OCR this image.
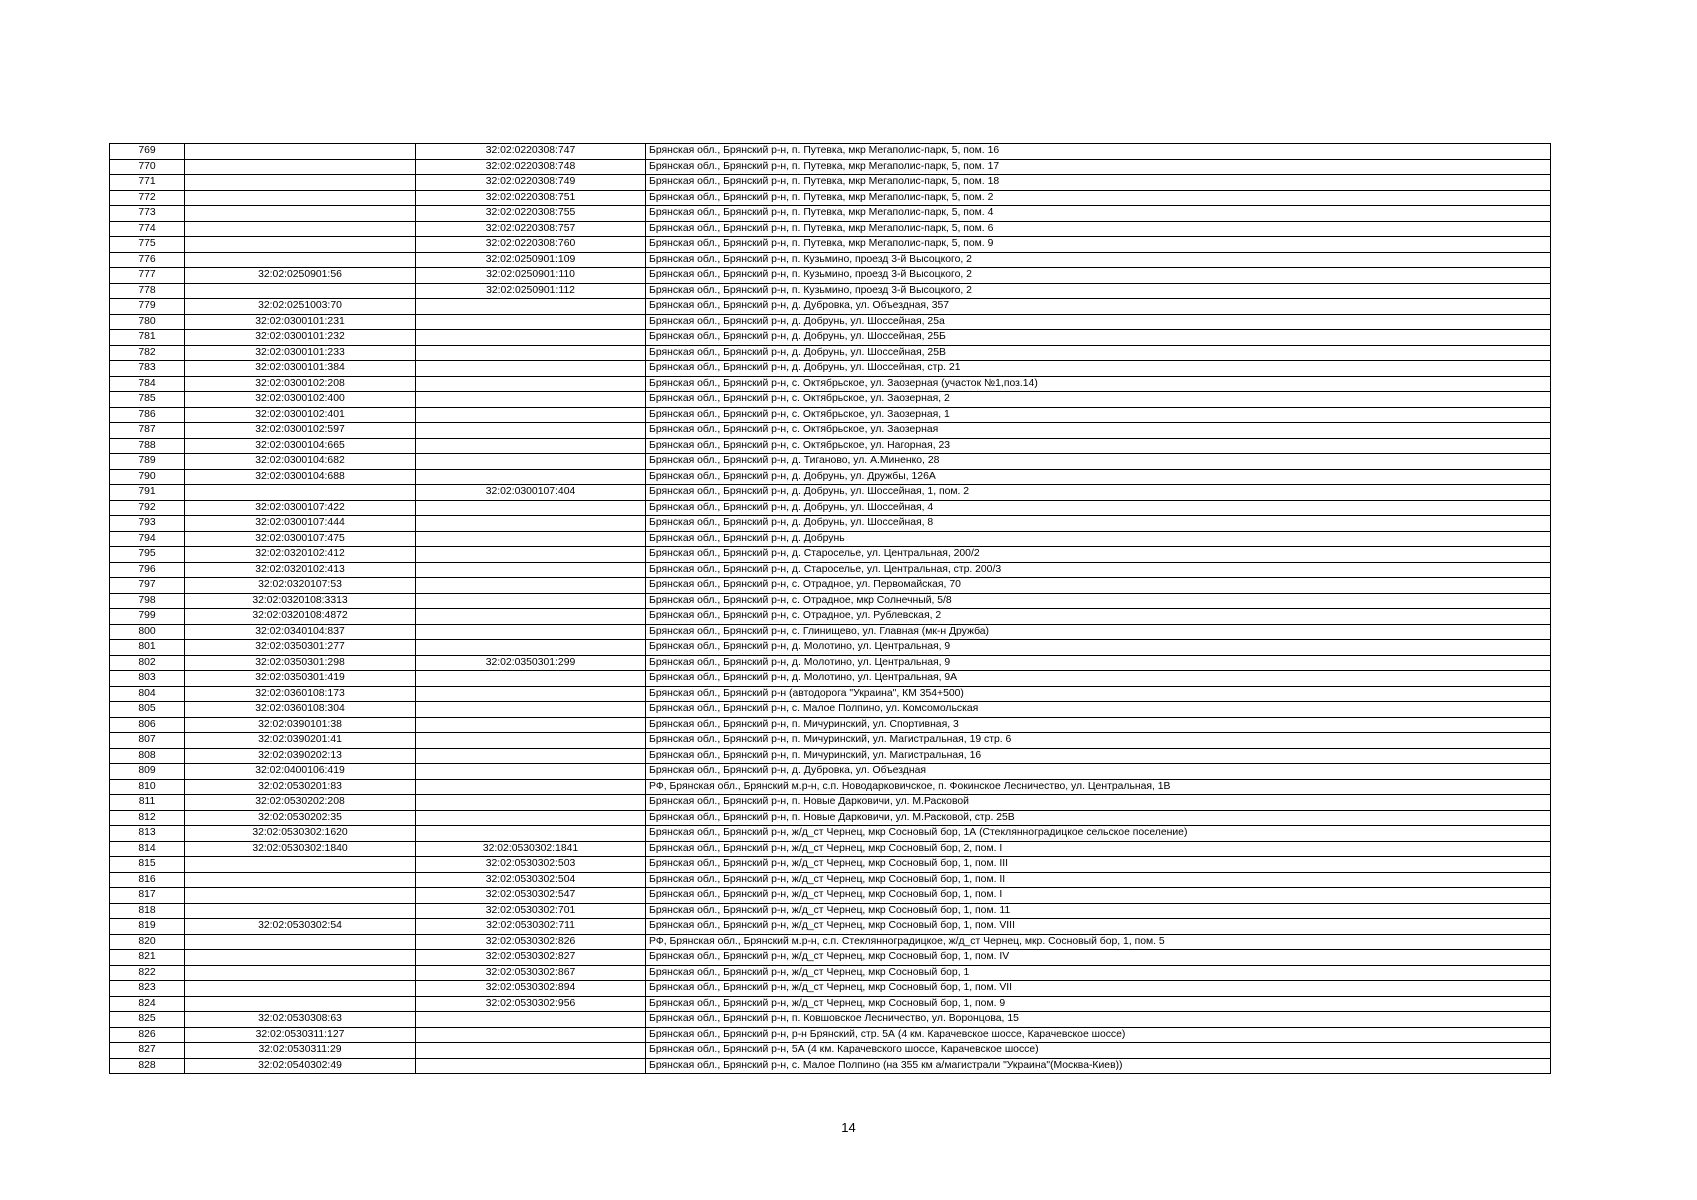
769		32:02:0220308:747	Брянская обл., Брянский р-н, п. Путевка, мкр Мегаполис-парк, 5, пом. 16
770		32:02:0220308:748	Брянская обл., Брянский р-н, п. Путевка, мкр Мегаполис-парк, 5, пом. 17
771		32:02:0220308:749	Брянская обл., Брянский р-н, п. Путевка, мкр Мегаполис-парк, 5, пом. 18
772		32:02:0220308:751	Брянская обл., Брянский р-н, п. Путевка, мкр Мегаполис-парк, 5, пом. 2
773		32:02:0220308:755	Брянская обл., Брянский р-н, п. Путевка, мкр Мегаполис-парк, 5, пом. 4
774		32:02:0220308:757	Брянская обл., Брянский р-н, п. Путевка, мкр Мегаполис-парк, 5, пом. 6
775		32:02:0220308:760	Брянская обл., Брянский р-н, п. Путевка, мкр Мегаполис-парк, 5, пом. 9
776		32:02:0250901:109	Брянская обл., Брянский р-н, п. Кузьмино, проезд 3-й Высоцкого, 2
777	32:02:0250901:56	32:02:0250901:110	Брянская обл., Брянский р-н, п. Кузьмино, проезд 3-й Высоцкого, 2
778		32:02:0250901:112	Брянская обл., Брянский р-н, п. Кузьмино, проезд 3-й Высоцкого, 2
779	32:02:0251003:70		Брянская обл., Брянский р-н, д. Дубровка, ул. Объездная, 357
780	32:02:0300101:231		Брянская обл., Брянский р-н, д. Добрунь, ул. Шоссейная, 25а
781	32:02:0300101:232		Брянская обл., Брянский р-н, д. Добрунь, ул. Шоссейная, 25Б
782	32:02:0300101:233		Брянская обл., Брянский р-н, д. Добрунь, ул. Шоссейная, 25В
783	32:02:0300101:384		Брянская обл., Брянский р-н, д. Добрунь, ул. Шоссейная, стр. 21
784	32:02:0300102:208		Брянская обл., Брянский р-н, с. Октябрьское, ул. Заозерная (участок №1,поз.14)
785	32:02:0300102:400		Брянская обл., Брянский р-н, с. Октябрьское, ул. Заозерная, 2
786	32:02:0300102:401		Брянская обл., Брянский р-н, с. Октябрьское, ул. Заозерная, 1
787	32:02:0300102:597		Брянская обл., Брянский р-н, с. Октябрьское, ул. Заозерная
788	32:02:0300104:665		Брянская обл., Брянский р-н, с. Октябрьское, ул. Нагорная, 23
789	32:02:0300104:682		Брянская обл., Брянский р-н, д. Тиганово, ул. А.Миненко, 28
790	32:02:0300104:688		Брянская обл., Брянский р-н, д. Добрунь, ул. Дружбы, 126А
791		32:02:0300107:404	Брянская обл., Брянский р-н, д. Добрунь, ул. Шоссейная, 1, пом. 2
792	32:02:0300107:422		Брянская обл., Брянский р-н, д. Добрунь, ул. Шоссейная, 4
793	32:02:0300107:444		Брянская обл., Брянский р-н, д. Добрунь, ул. Шоссейная, 8
794	32:02:0300107:475		Брянская обл., Брянский р-н, д. Добрунь
795	32:02:0320102:412		Брянская обл., Брянский р-н, д. Староселье, ул. Центральная, 200/2
796	32:02:0320102:413		Брянская обл., Брянский р-н, д. Староселье, ул. Центральная, стр. 200/3
797	32:02:0320107:53		Брянская обл., Брянский р-н, с. Отрадное, ул. Первомайская, 70
798	32:02:0320108:3313		Брянская обл., Брянский р-н, с. Отрадное, мкр Солнечный, 5/8
799	32:02:0320108:4872		Брянская обл., Брянский р-н, с. Отрадное, ул. Рублевская, 2
800	32:02:0340104:837		Брянская обл., Брянский р-н, с. Глинищево, ул. Главная (мк-н Дружба)
801	32:02:0350301:277		Брянская обл., Брянский р-н, д. Молотино, ул. Центральная, 9
802	32:02:0350301:298	32:02:0350301:299	Брянская обл., Брянский р-н, д. Молотино, ул. Центральная, 9
803	32:02:0350301:419		Брянская обл., Брянский р-н, д. Молотино, ул. Центральная, 9А
804	32:02:0360108:173		Брянская обл., Брянский р-н (автодорога "Украина", КМ 354+500)
805	32:02:0360108:304		Брянская обл., Брянский р-н, с. Малое Полпино, ул. Комсомольская
806	32:02:0390101:38		Брянская обл., Брянский р-н, п. Мичуринский, ул. Спортивная, 3
807	32:02:0390201:41		Брянская обл., Брянский р-н, п. Мичуринский, ул. Магистральная, 19 стр. 6
808	32:02:0390202:13		Брянская обл., Брянский р-н, п. Мичуринский, ул. Магистральная, 16
809	32:02:0400106:419		Брянская обл., Брянский р-н, д. Дубровка, ул. Объездная
810	32:02:0530201:83		РФ, Брянская обл., Брянский м.р-н, с.п. Новодарковичское, п. Фокинское Лесничество, ул. Центральная, 1В
811	32:02:0530202:208		Брянская обл., Брянский р-н, п. Новые Дарковичи, ул. М.Расковой
812	32:02:0530202:35		Брянская обл., Брянский р-н, п. Новые Дарковичи, ул. М.Расковой, стр. 25В
813	32:02:0530302:1620		Брянская обл., Брянский р-н, ж/д_ст Чернец, мкр Сосновый бор, 1А (Стеклянноградицкое сельское поселение)
814	32:02:0530302:1840	32:02:0530302:1841	Брянская обл., Брянский р-н, ж/д_ст Чернец, мкр Сосновый бор, 2, пом. I
815		32:02:0530302:503	Брянская обл., Брянский р-н, ж/д_ст Чернец, мкр Сосновый бор, 1, пом. III
816		32:02:0530302:504	Брянская обл., Брянский р-н, ж/д_ст Чернец, мкр Сосновый бор, 1, пом. II
817		32:02:0530302:547	Брянская обл., Брянский р-н, ж/д_ст Чернец, мкр Сосновый бор, 1, пом. I
818		32:02:0530302:701	Брянская обл., Брянский р-н, ж/д_ст Чернец, мкр Сосновый бор, 1, пом. 11
819	32:02:0530302:54	32:02:0530302:711	Брянская обл., Брянский р-н, ж/д_ст Чернец, мкр Сосновый бор, 1, пом. VIII
820		32:02:0530302:826	РФ, Брянская обл., Брянский м.р-н, с.п. Стеклянноградицкое, ж/д_ст Чернец, мкр. Сосновый бор, 1, пом. 5
821		32:02:0530302:827	Брянская обл., Брянский р-н, ж/д_ст Чернец, мкр Сосновый бор, 1, пом. IV
822		32:02:0530302:867	Брянская обл., Брянский р-н, ж/д_ст Чернец, мкр Сосновый бор, 1
823		32:02:0530302:894	Брянская обл., Брянский р-н, ж/д_ст Чернец, мкр Сосновый бор, 1, пом. VII
824		32:02:0530302:956	Брянская обл., Брянский р-н, ж/д_ст Чернец, мкр Сосновый бор, 1, пом. 9
825	32:02:0530308:63		Брянская обл., Брянский р-н, п. Ковшовское Лесничество, ул. Воронцова, 15
826	32:02:0530311:127		Брянская обл., Брянский р-н, р-н Брянский, стр. 5А (4 км. Карачевское шоссе, Карачевское шоссе)
827	32:02:0530311:29		Брянская обл., Брянский р-н, 5А (4 км. Карачевского шоссе, Карачевское шоссе)
828	32:02:0540302:49		Брянская обл., Брянский р-н, с. Малое Полпино (на 355 км а/магистрали "Украина"(Москва-Киев))
14
